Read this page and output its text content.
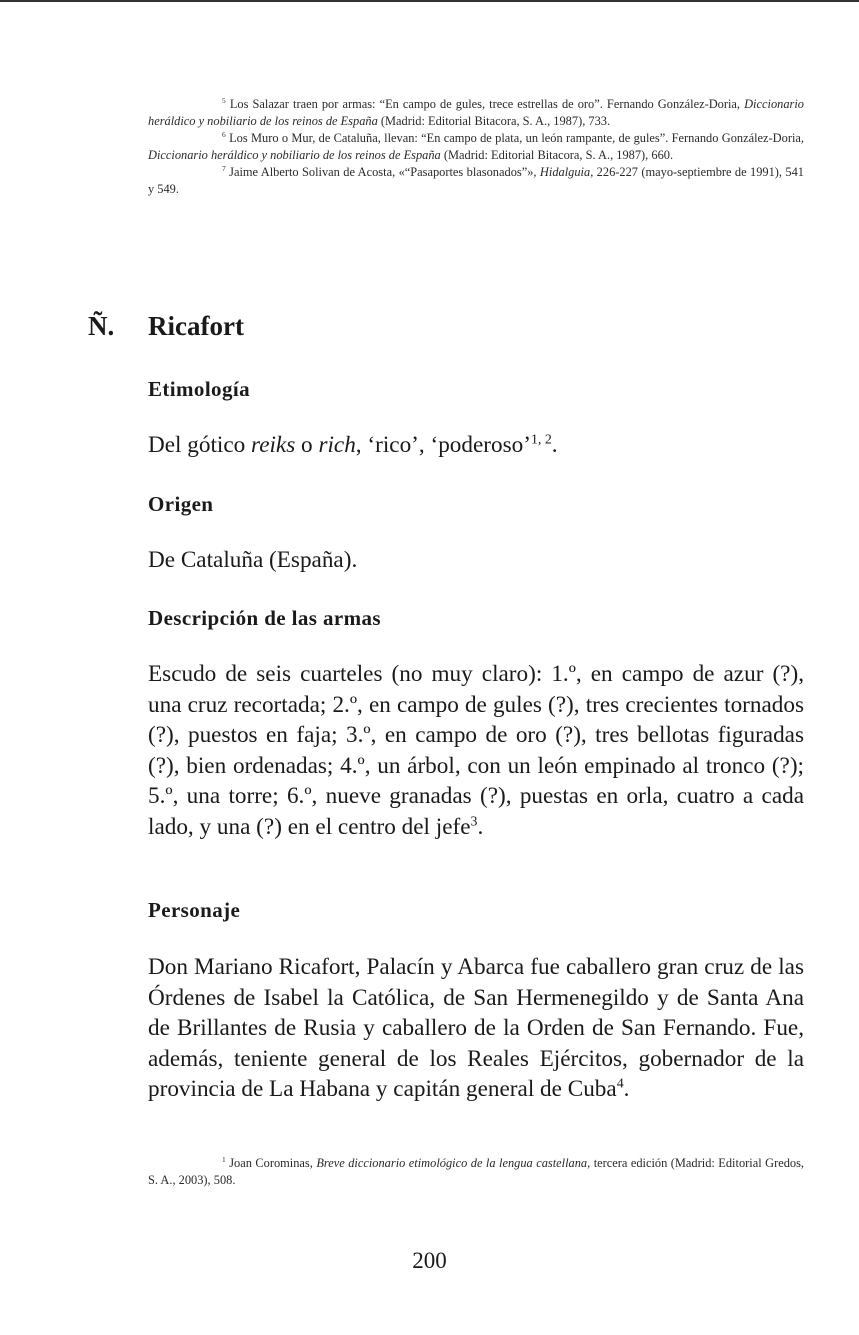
$^5$ Los Salazar traen por armas: “En campo de gules, trece estrellas de oro”. Fernando González-Doria, Diccionario heráldico y nobiliario de los reinos de España (Madrid: Editorial Bitacora, S. A., 1987), 733.

$^6$ Los Muro o Mur, de Cataluña, llevan: “En campo de plata, un león rampante, de gules”. Fernando González-Doria, Diccionario heráldico y nobiliario de los reinos de España (Madrid: Editorial Bitacora, S. A., 1987), 660.

$^7$ Jaime Alberto Solivan de Acosta, «“Pasaportes blasonados”», Hidalguia, 226-227 (mayo-septiembre de 1991), 541 y 549.

Ñ. Ricafort
Etimología

Del gótico reiks o rich, ‘rico’, ‘poderoso’$^{1, 2}$.

Origen

De Cataluña (España).

Descripción de las armas

Escudo de seis cuarteles (no muy claro): 1.º, en campo de azur (?), una cruz recortada; 2.º, en campo de gules (?), tres crecientes tornados (?), puestos en faja; 3.º, en campo de oro (?), tres bellotas figuradas (?), bien ordenadas; 4.º, un árbol, con un león empinado al tronco (?); 5.º, una torre; 6.º, nueve granadas (?), puestas en orla, cuatro a cada lado, y una (?) en el centro del jefe$^3$.

Personaje

Don Mariano Ricafort, Palacín y Abarca fue caballero gran cruz de las Órdenes de Isabel la Católica, de San Hermenegildo y de Santa Ana de Brillantes de Rusia y caballero de la Orden de San Fernando. Fue, además, teniente general de los Reales Ejércitos, gobernador de la provincia de La Habana y capitán general de Cuba$^4$.

$^1$ Joan Corominas, Breve diccionario etimológico de la lengua castellana, tercera edición (Madrid: Editorial Gredos, S. A., 2003), 508.

200
